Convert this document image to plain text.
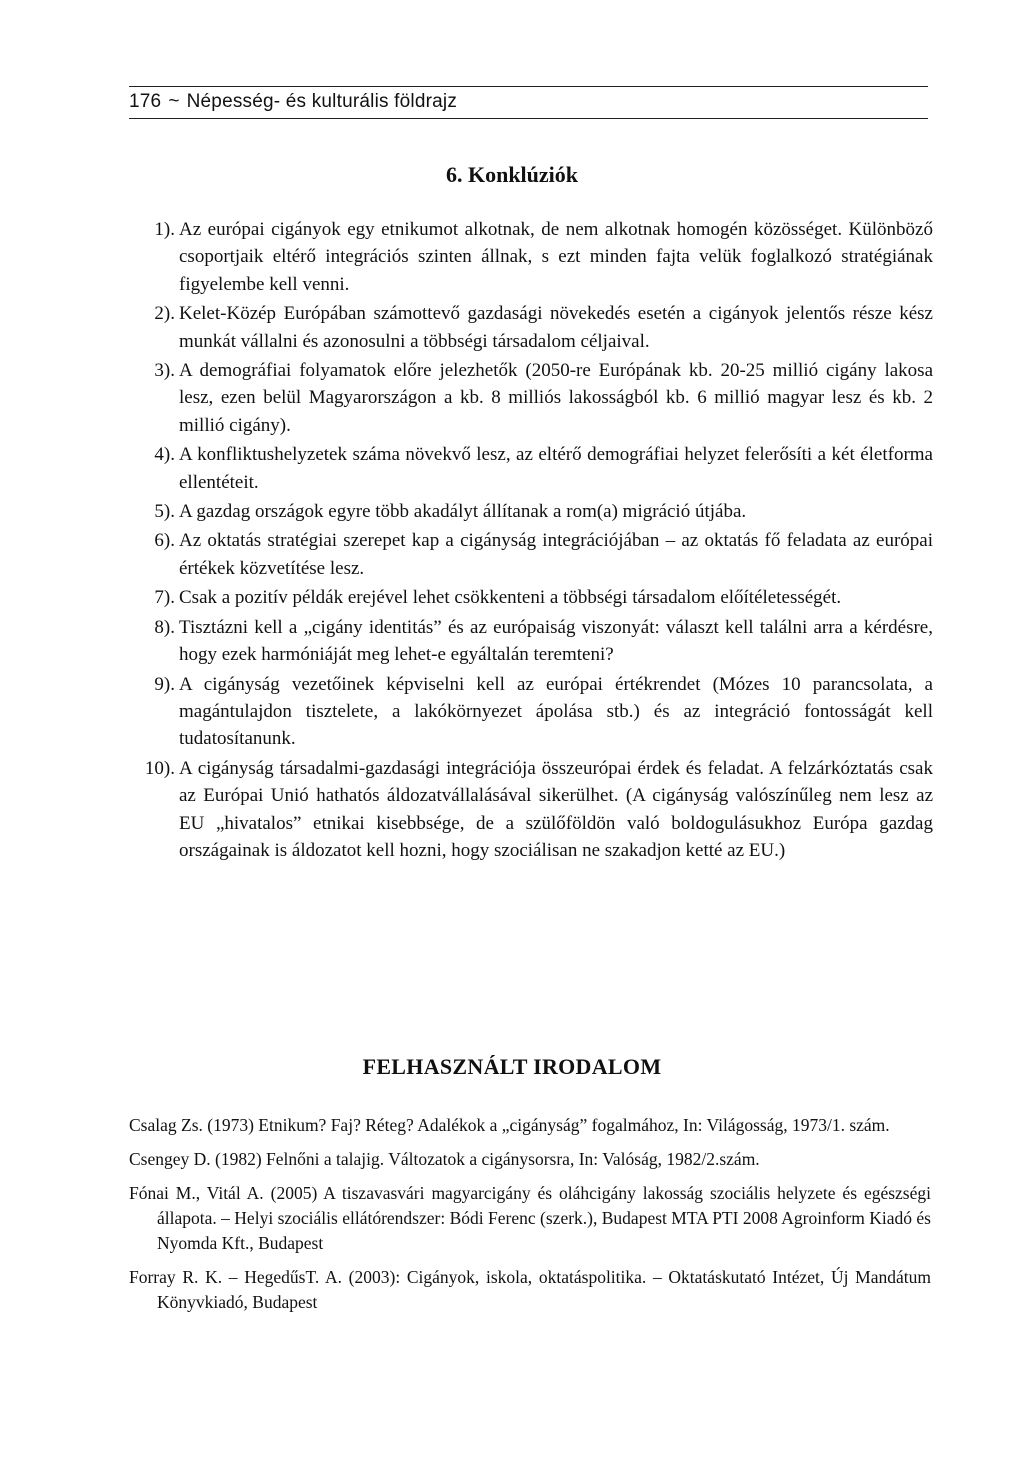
176 ~ Népesség- és kulturális földrajz
6. Konklúziók
1). Az európai cigányok egy etnikumot alkotnak, de nem alkotnak homogén közösséget. Különböző csoportjaik eltérő integrációs szinten állnak, s ezt minden fajta velük foglalkozó stratégiának figyelembe kell venni.
2). Kelet-Közép Európában számottevő gazdasági növekedés esetén a cigányok jelentős része kész munkát vállalni és azonosulni a többségi társadalom céljaival.
3). A demográfiai folyamatok előre jelezhetők (2050-re Európának kb. 20-25 millió cigány lakosa lesz, ezen belül Magyarországon a kb. 8 milliós lakosságból kb. 6 millió magyar lesz és kb. 2 millió cigány).
4). A konfliktushelyzetek száma növekvő lesz, az eltérő demográfiai helyzet felerősíti a két életforma ellentéteit.
5). A gazdag országok egyre több akadályt állítanak a rom(a) migráció útjába.
6). Az oktatás stratégiai szerepet kap a cigányság integrációjában – az oktatás fő feladata az európai értékek közvetítése lesz.
7). Csak a pozitív példák erejével lehet csökkenteni a többségi társadalom előítéletességét.
8). Tisztázni kell a „cigány identitás” és az európaiság viszonyát: választ kell találni arra a kérdésre, hogy ezek harmóniáját meg lehet-e egyáltalán teremteni?
9). A cigányság vezetőinek képviselni kell az európai értékrendet (Mózes 10 parancsolata, a magántulajdon tisztelete, a lakókörnyezet ápolása stb.) és az integráció fontosságát kell tudatosítanunk.
10). A cigányság társadalmi-gazdasági integrációja összeurópai érdek és feladat. A felzárkóztatás csak az Európai Unió hathatós áldozatvállalásával sikerülhet. (A cigányság valószínűleg nem lesz az EU „hivatalos” etnikai kisebbsége, de a szülőföldön való boldogulásukhoz Európa gazdag országainak is áldozatot kell hozni, hogy szociálisan ne szakadjon ketté az EU.)
FELHASZNÁLT IRODALOM
Csalag Zs. (1973) Etnikum? Faj? Réteg? Adalékok a „cigányság” fogalmához, In: Világosság, 1973/1. szám.
Csengey D. (1982) Felnőni a talajig. Változatok a cigánysorsra, In: Valóság, 1982/2.szám.
Fónai M., Vitál A. (2005) A tiszavasvári magyarcigány és oláhcigány lakosság szociális helyzete és egészségi állapota. – Helyi szociális ellátórendszer: Bódi Ferenc (szerk.), Budapest MTA PTI 2008 Agroinform Kiadó és Nyomda Kft., Budapest
Forray R. K. – HegedűsT. A. (2003): Cigányok, iskola, oktatáspolitika. – Oktatáskutató Intézet, Új Mandátum Könyvkiadó, Budapest
